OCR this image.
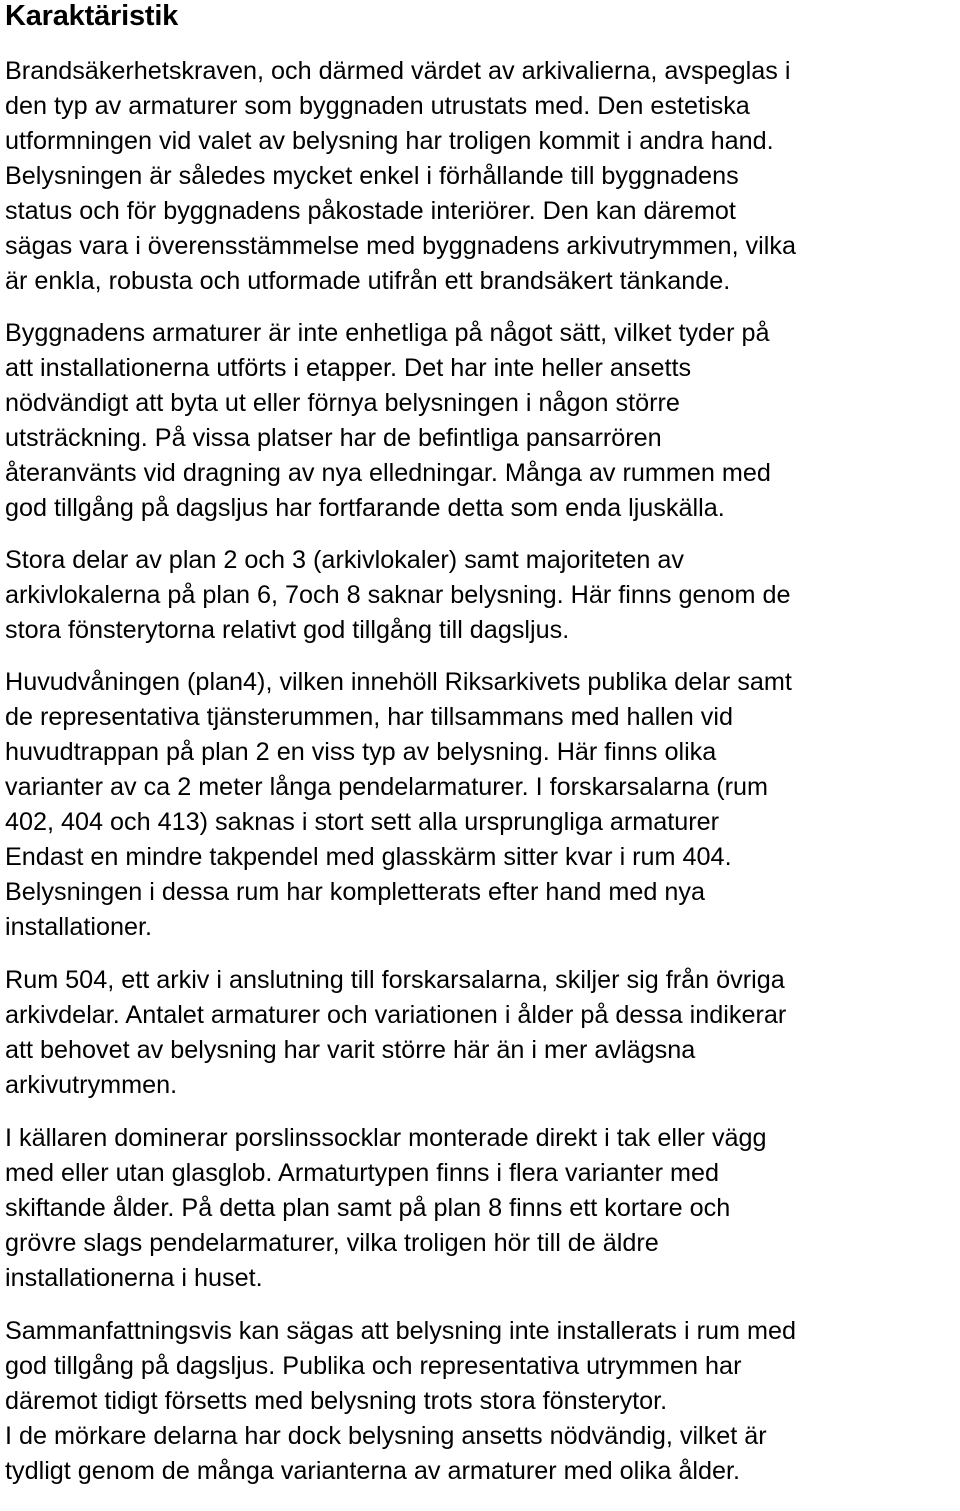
Karaktäristik

Brandsäkerhetskraven, och därmed värdet av arkivalierna, avspeglas i
den typ av armaturer som byggnaden utrustats med. Den estetiska
utformningen vid valet av belysning har troligen kommit i andra hand.
Belysningen är således mycket enkel i förhållande till byggnadens
status och för byggnadens påkostade interiörer. Den kan däremot
sägas vara i överensstämmelse med byggnadens arkivutrymmen, vilka
är enkla, robusta och utformade utifrån ett brandsäkert tänkande.

Byggnadens armaturer är inte enhetliga på något sätt, vilket tyder på
att installationerna utförts i etapper. Det har inte heller ansetts
nödvändigt att byta ut eller förnya belysningen i någon större
utsträckning. På vissa platser har de befintliga pansarrören
återanvänts vid dragning av nya elledningar. Många av rummen med
god tillgång på dagsljus har fortfarande detta som enda ljuskälla.

Stora delar av plan 2 och 3 (arkivlokaler) samt majoriteten av
arkivlokalerna på plan 6, 7och 8 saknar belysning. Här finns genom de
stora fönsterytorna relativt god tillgång till dagsljus.

Huvudvåningen (plan4), vilken innehöll Riksarkivets publika delar samt
de representativa tjänsterummen, har tillsammans med hallen vid
huvudtrappan på plan 2 en viss typ av belysning. Här finns olika
varianter av ca 2 meter långa pendelarmaturer. I forskarsalarna (rum
402, 404 och 413) saknas i stort sett alla ursprungliga armaturer
Endast en mindre takpendel med glasskärm sitter kvar i rum 404.
Belysningen i dessa rum har kompletterats efter hand med nya
installationer.

Rum 504, ett arkiv i anslutning till forskarsalarna, skiljer sig från övriga
arkivdelar. Antalet armaturer och variationen i ålder på dessa indikerar
att behovet av belysning har varit större här än i mer avlägsna
arkivutrymmen.

I källaren dominerar porslinssocklar monterade direkt i tak eller vägg
med eller utan glasglob. Armaturtypen finns i flera varianter med
skiftande ålder. På detta plan samt på plan 8 finns ett kortare och
grövre slags pendelarmaturer, vilka troligen hör till de äldre
installationerna i huset.

Sammanfattningsvis kan sägas att belysning inte installerats i rum med
god tillgång på dagsljus. Publika och representativa utrymmen har
däremot tidigt försetts med belysning trots stora fönsterytor.

I de mörkare delarna har dock belysning ansetts nödvändig, vilket är
tydligt genom de många varianterna av armaturer med olika ålder.
